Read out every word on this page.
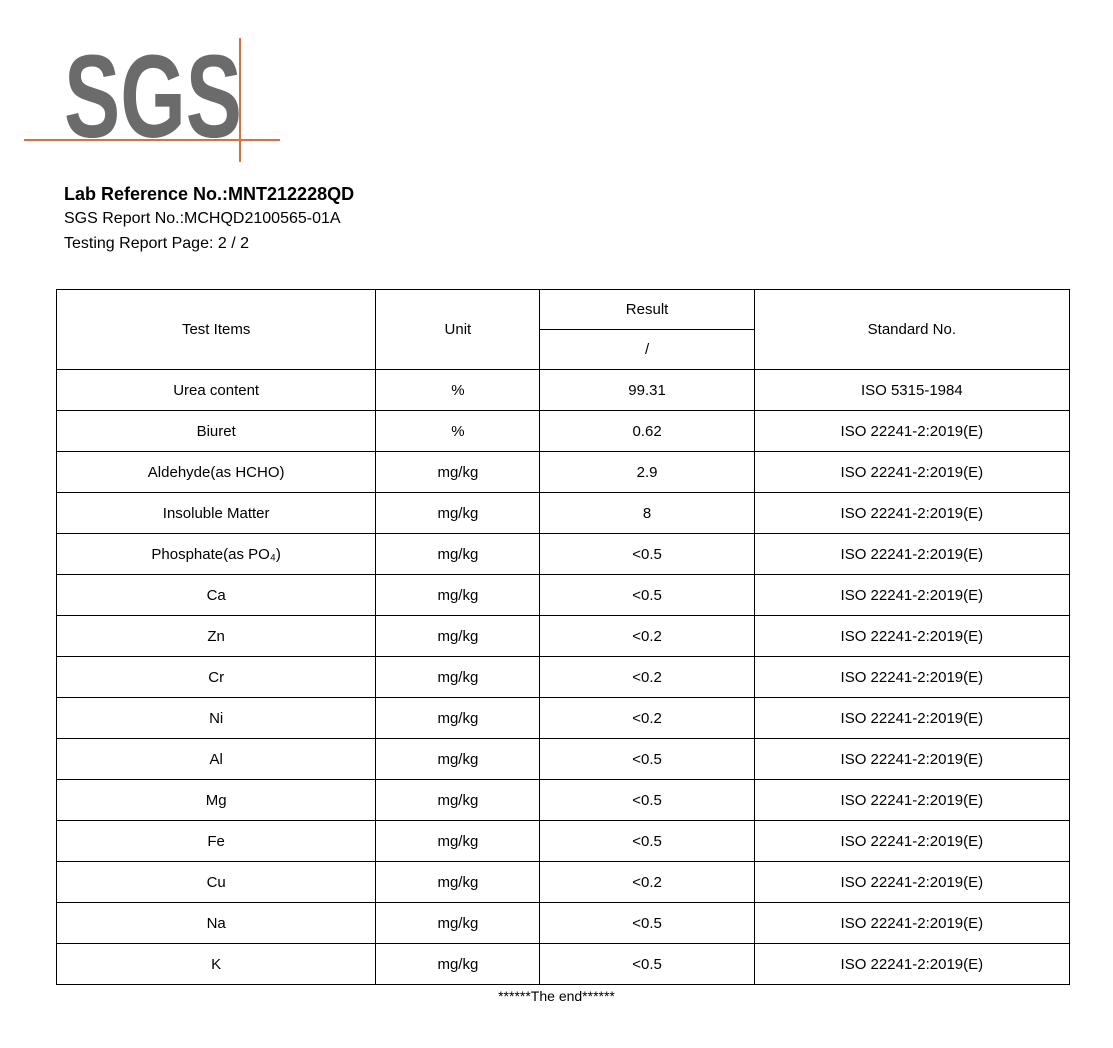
SGS
Lab Reference No.:MNT212228QD
SGS Report No.:MCHQD2100565-01A
Testing Report Page: 2 / 2
Test Items	Unit	Result	Standard No.
		/	
Urea content	%	99.31	ISO 5315-1984
Biuret	%	0.62	ISO 22241-2:2019(E)
Aldehyde(as HCHO)	mg/kg	2.9	ISO 22241-2:2019(E)
Insoluble Matter	mg/kg	8	ISO 22241-2:2019(E)
Phosphate(as PO₄)	mg/kg	<0.5	ISO 22241-2:2019(E)
Ca	mg/kg	<0.5	ISO 22241-2:2019(E)
Zn	mg/kg	<0.2	ISO 22241-2:2019(E)
Cr	mg/kg	<0.2	ISO 22241-2:2019(E)
Ni	mg/kg	<0.2	ISO 22241-2:2019(E)
Al	mg/kg	<0.5	ISO 22241-2:2019(E)
Mg	mg/kg	<0.5	ISO 22241-2:2019(E)
Fe	mg/kg	<0.5	ISO 22241-2:2019(E)
Cu	mg/kg	<0.2	ISO 22241-2:2019(E)
Na	mg/kg	<0.5	ISO 22241-2:2019(E)
K	mg/kg	<0.5	ISO 22241-2:2019(E)
******The end******
